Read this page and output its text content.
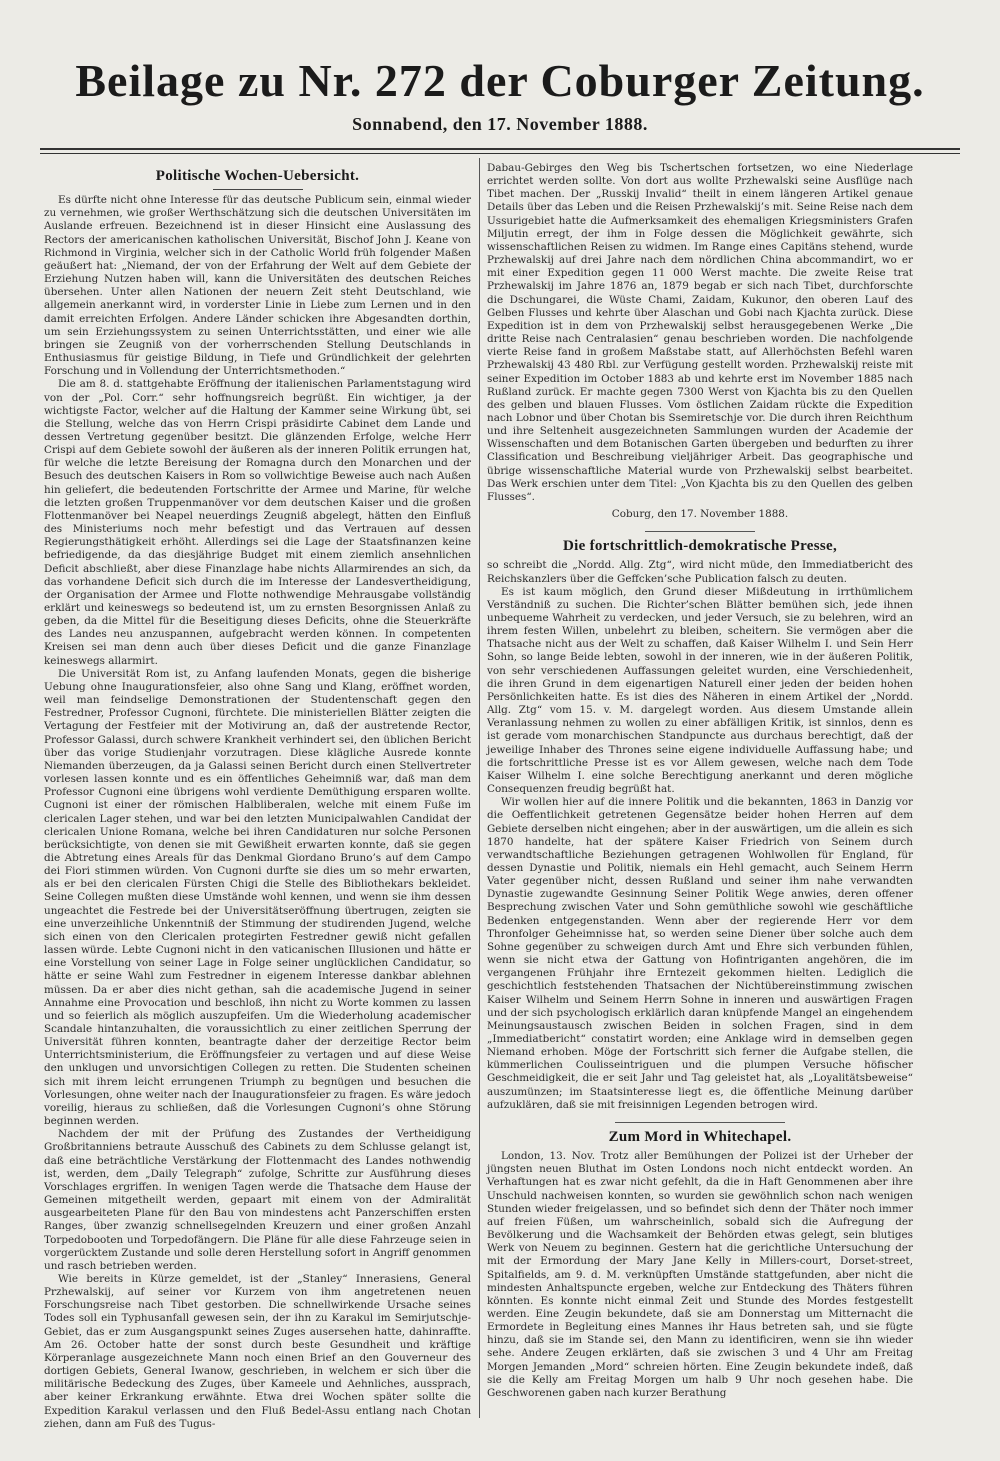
Beilage zu Nr. 272 der Coburger Zeitung.
Sonnabend, den 17. November 1888.
Politische Wochen-Uebersicht.

Es dürfte nicht ohne Interesse für das deutsche Publicum sein, einmal wieder zu vernehmen, wie großer Werthschätzung sich die deutschen Universitäten im Auslande erfreuen. Bezeichnend ist in dieser Hinsicht eine Auslassung des Rectors der americanischen katholischen Universität, Bischof John J. Keane von Richmond in Virginia, welcher sich in der Catholic World früh folgender Maßen geäußert hat: „Niemand, der von der Erfahrung der Welt auf dem Gebiete der Erziehung Nutzen haben will, kann die Universitäten des deutschen Reiches übersehen. Unter allen Nationen der neuern Zeit steht Deutschland, wie allgemein anerkannt wird, in vorderster Linie in Liebe zum Lernen und in den damit erreichten Erfolgen. Andere Länder schicken ihre Abgesandten dorthin, um sein Erziehungssystem zu seinen Unterrichtsstätten, und einer wie alle bringen sie Zeugniß von der vorherrschenden Stellung Deutschlands in Enthusiasmus für geistige Bildung, in Tiefe und Gründlichkeit der gelehrten Forschung und in Vollendung der Unterrichtsmethoden.“

Die am 8. d. stattgehabte Eröffnung der italienischen Parlamentstagung wird von der „Pol. Corr.“ sehr hoffnungsreich begrüßt. Ein wichtiger, ja der wichtigste Factor, welcher auf die Haltung der Kammer seine Wirkung übt, sei die Stellung, welche das von Herrn Crispi präsidirte Cabinet dem Lande und dessen Vertretung gegenüber besitzt. Die glänzenden Erfolge, welche Herr Crispi auf dem Gebiete sowohl der äußeren als der inneren Politik errungen hat, für welche die letzte Bereisung der Romagna durch den Monarchen und der Besuch des deutschen Kaisers in Rom so vollwichtige Beweise auch nach Außen hin geliefert, die bedeutenden Fortschritte der Armee und Marine, für welche die letzten großen Truppenmanöver vor dem deutschen Kaiser und die großen Flottenmanöver bei Neapel neuerdings Zeugniß abgelegt, hätten den Einfluß des Ministeriums noch mehr befestigt und das Vertrauen auf dessen Regierungsthätigkeit erhöht. Allerdings sei die Lage der Staatsfinanzen keine befriedigende, da das diesjährige Budget mit einem ziemlich ansehnlichen Deficit abschließt, aber diese Finanzlage habe nichts Allarmirendes an sich, da das vorhandene Deficit sich durch die im Interesse der Landesvertheidigung, der Organisation der Armee und Flotte nothwendige Mehrausgabe vollständig erklärt und keineswegs so bedeutend ist, um zu ernsten Besorgnissen Anlaß zu geben, da die Mittel für die Beseitigung dieses Deficits, ohne die Steuerkräfte des Landes neu anzuspannen, aufgebracht werden können. In competenten Kreisen sei man denn auch über dieses Deficit und die ganze Finanzlage keineswegs allarmirt.

Die Universität Rom ist, zu Anfang laufenden Monats, gegen die bisherige Uebung ohne Inaugurationsfeier, also ohne Sang und Klang, eröffnet worden, weil man feindselige Demonstrationen der Studentenschaft gegen den Festredner, Professor Cugnoni, fürchtete. Die ministeriellen Blätter zeigten die Vertagung der Festfeier mit der Motivirung an, daß der austretende Rector, Professor Galassi, durch schwere Krankheit verhindert sei, den üblichen Bericht über das vorige Studienjahr vorzutragen. Diese klägliche Ausrede konnte Niemanden überzeugen, da ja Galassi seinen Bericht durch einen Stellvertreter vorlesen lassen konnte und es ein öffentliches Geheimniß war, daß man dem Professor Cugnoni eine übrigens wohl verdiente Demüthigung ersparen wollte. Cugnoni ist einer der römischen Halbliberalen, welche mit einem Fuße im clericalen Lager stehen, und war bei den letzten Municipalwahlen Candidat der clericalen Unione Romana, welche bei ihren Candidaturen nur solche Personen berücksichtigte, von denen sie mit Gewißheit erwarten konnte, daß sie gegen die Abtretung eines Areals für das Denkmal Giordano Bruno’s auf dem Campo dei Fiori stimmen würden. Von Cugnoni durfte sie dies um so mehr erwarten, als er bei den clericalen Fürsten Chigi die Stelle des Bibliothekars bekleidet. Seine Collegen mußten diese Umstände wohl kennen, und wenn sie ihm dessen ungeachtet die Festrede bei der Universitätseröffnung übertrugen, zeigten sie eine unverzeihliche Unkenntniß der Stimmung der studirenden Jugend, welche sich einen von den Clericalen protegirten Festredner gewiß nicht gefallen lassen würde. Lebte Cugnoni nicht in den vaticanischen Illusionen und hätte er eine Vorstellung von seiner Lage in Folge seiner unglücklichen Candidatur, so hätte er seine Wahl zum Festredner in eigenem Interesse dankbar ablehnen müssen. Da er aber dies nicht gethan, sah die academische Jugend in seiner Annahme eine Provocation und beschloß, ihn nicht zu Worte kommen zu lassen und so feierlich als möglich auszupfeifen. Um die Wiederholung academischer Scandale hintanzuhalten, die voraussichtlich zu einer zeitlichen Sperrung der Universität führen konnten, beantragte daher der derzeitige Rector beim Unterrichtsministerium, die Eröffnungsfeier zu vertagen und auf diese Weise den unklugen und unvorsichtigen Collegen zu retten. Die Studenten scheinen sich mit ihrem leicht errungenen Triumph zu begnügen und besuchen die Vorlesungen, ohne weiter nach der Inaugurationsfeier zu fragen. Es wäre jedoch voreilig, hieraus zu schließen, daß die Vorlesungen Cugnoni’s ohne Störung beginnen werden.

Nachdem der mit der Prüfung des Zustandes der Vertheidigung Großbritanniens betraute Ausschuß des Cabinets zu dem Schlusse gelangt ist, daß eine beträchtliche Verstärkung der Flottenmacht des Landes nothwendig ist, werden, dem „Daily Telegraph“ zufolge, Schritte zur Ausführung dieses Vorschlages ergriffen. In wenigen Tagen werde die Thatsache dem Hause der Gemeinen mitgetheilt werden, gepaart mit einem von der Admiralität ausgearbeiteten Plane für den Bau von mindestens acht Panzerschiffen ersten Ranges, über zwanzig schnellsegelnden Kreuzern und einer großen Anzahl Torpedobooten und Torpedofängern. Die Pläne für alle diese Fahrzeuge seien in vorgerücktem Zustande und solle deren Herstellung sofort in Angriff genommen und rasch betrieben werden.

Wie bereits in Kürze gemeldet, ist der „Stanley“ Innerasiens, General Przhewalskij, auf seiner vor Kurzem von ihm angetretenen neuen Forschungsreise nach Tibet gestorben. Die schnellwirkende Ursache seines Todes soll ein Typhusanfall gewesen sein, der ihn zu Karakul im Semirjutschje-Gebiet, das er zum Ausgangspunkt seines Zuges ausersehen hatte, dahinraffte. Am 26. October hatte der sonst durch beste Gesundheit und kräftige Körperanlage ausgezeichnete Mann noch einen Brief an den Gouverneur des dortigen Gebiets, General Iwanow, geschrieben, in welchem er sich über die militärische Bedeckung des Zuges, über Kameele und Aehnliches, aussprach, aber keiner Erkrankung erwähnte. Etwa drei Wochen später sollte die Expedition Karakul verlassen und den Fluß Bedel-Assu entlang nach Chotan ziehen, dann am Fuß des Tugus-

Dabau-Gebirges den Weg bis Tschertschen fortsetzen, wo eine Niederlage errichtet werden sollte. Von dort aus wollte Przhewalski seine Ausflüge nach Tibet machen. Der „Russkij Invalid“ theilt in einem längeren Artikel genaue Details über das Leben und die Reisen Przhewalskij’s mit. Seine Reise nach dem Ussurigebiet hatte die Aufmerksamkeit des ehemaligen Kriegsministers Grafen Miljutin erregt, der ihm in Folge dessen die Möglichkeit gewährte, sich wissenschaftlichen Reisen zu widmen. Im Range eines Capitäns stehend, wurde Przhewalskij auf drei Jahre nach dem nördlichen China abcommandirt, wo er mit einer Expedition gegen 11 000 Werst machte. Die zweite Reise trat Przhewalskij im Jahre 1876 an, 1879 begab er sich nach Tibet, durchforschte die Dschungarei, die Wüste Chami, Zaidam, Kukunor, den oberen Lauf des Gelben Flusses und kehrte über Alaschan und Gobi nach Kjachta zurück. Diese Expedition ist in dem von Przhewalskij selbst herausgegebenen Werke „Die dritte Reise nach Centralasien“ genau beschrieben worden. Die nachfolgende vierte Reise fand in großem Maßstabe statt, auf Allerhöchsten Befehl waren Przhewalskij 43 480 Rbl. zur Verfügung gestellt worden. Przhewalskij reiste mit seiner Expedition im October 1883 ab und kehrte erst im November 1885 nach Rußland zurück. Er machte gegen 7300 Werst von Kjachta bis zu den Quellen des gelben und blauen Flusses. Vom östlichen Zaidam rückte die Expedition nach Lobnor und über Chotan bis Ssemiretschje vor. Die durch ihren Reichthum und ihre Seltenheit ausgezeichneten Sammlungen wurden der Academie der Wissenschaften und dem Botanischen Garten übergeben und bedurften zu ihrer Classification und Beschreibung vieljähriger Arbeit. Das geographische und übrige wissenschaftliche Material wurde von Przhewalskij selbst bearbeitet. Das Werk erschien unter dem Titel: „Von Kjachta bis zu den Quellen des gelben Flusses“.

Coburg, den 17. November 1888.

Die fortschrittlich-demokratische Presse,

so schreibt die „Nordd. Allg. Ztg“, wird nicht müde, den Immediatbericht des Reichskanzlers über die Geffcken’sche Publication falsch zu deuten.

Es ist kaum möglich, den Grund dieser Mißdeutung in irrthümlichem Verständniß zu suchen. Die Richter’schen Blätter bemühen sich, jede ihnen unbequeme Wahrheit zu verdecken, und jeder Versuch, sie zu belehren, wird an ihrem festen Willen, unbelehrt zu bleiben, scheitern. Sie vermögen aber die Thatsache nicht aus der Welt zu schaffen, daß Kaiser Wilhelm I. und Sein Herr Sohn, so lange Beide lebten, sowohl in der inneren, wie in der äußeren Politik, von sehr verschiedenen Auffassungen geleitet wurden, eine Verschiedenheit, die ihren Grund in dem eigenartigen Naturell einer jeden der beiden hohen Persönlichkeiten hatte. Es ist dies des Näheren in einem Artikel der „Nordd. Allg. Ztg“ vom 15. v. M. dargelegt worden. Aus diesem Umstande allein Veranlassung nehmen zu wollen zu einer abfälligen Kritik, ist sinnlos, denn es ist gerade vom monarchischen Standpuncte aus durchaus berechtigt, daß der jeweilige Inhaber des Thrones seine eigene individuelle Auffassung habe; und die fortschrittliche Presse ist es vor Allem gewesen, welche nach dem Tode Kaiser Wilhelm I. eine solche Berechtigung anerkannt und deren mögliche Consequenzen freudig begrüßt hat.

Wir wollen hier auf die innere Politik und die bekannten, 1863 in Danzig vor die Oeffentlichkeit getretenen Gegensätze beider hohen Herren auf dem Gebiete derselben nicht eingehen; aber in der auswärtigen, um die allein es sich 1870 handelte, hat der spätere Kaiser Friedrich von Seinem durch verwandtschaftliche Beziehungen getragenen Wohlwollen für England, für dessen Dynastie und Politik, niemals ein Hehl gemacht, auch Seinem Herrn Vater gegenüber nicht, dessen Rußland und seiner ihm nahe verwandten Dynastie zugewandte Gesinnung Seiner Politik Wege anwies, deren offener Besprechung zwischen Vater und Sohn gemüthliche sowohl wie geschäftliche Bedenken entgegenstanden. Wenn aber der regierende Herr vor dem Thronfolger Geheimnisse hat, so werden seine Diener über solche auch dem Sohne gegenüber zu schweigen durch Amt und Ehre sich verbunden fühlen, wenn sie nicht etwa der Gattung von Hofintriganten angehören, die im vergangenen Frühjahr ihre Erntezeit gekommen hielten. Lediglich die geschichtlich feststehenden Thatsachen der Nichtübereinstimmung zwischen Kaiser Wilhelm und Seinem Herrn Sohne in inneren und auswärtigen Fragen und der sich psychologisch erklärlich daran knüpfende Mangel an eingehendem Meinungsaustausch zwischen Beiden in solchen Fragen, sind in dem „Immediatbericht“ constatirt worden; eine Anklage wird in demselben gegen Niemand erhoben. Möge der Fortschritt sich ferner die Aufgabe stellen, die kümmerlichen Coulisseintriguen und die plumpen Versuche höfischer Geschmeidigkeit, die er seit Jahr und Tag geleistet hat, als „Loyalitätsbeweise“ auszumünzen; im Staatsinteresse liegt es, die öffentliche Meinung darüber aufzuklären, daß sie mit freisinnigen Legenden betrogen wird.

Zum Mord in Whitechapel.

London, 13. Nov. Trotz aller Bemühungen der Polizei ist der Urheber der jüngsten neuen Bluthat im Osten Londons noch nicht entdeckt worden. An Verhaftungen hat es zwar nicht gefehlt, da die in Haft Genommenen aber ihre Unschuld nachweisen konnten, so wurden sie gewöhnlich schon nach wenigen Stunden wieder freigelassen, und so befindet sich denn der Thäter noch immer auf freien Füßen, um wahrscheinlich, sobald sich die Aufregung der Bevölkerung und die Wachsamkeit der Behörden etwas gelegt, sein blutiges Werk von Neuem zu beginnen. Gestern hat die gerichtliche Untersuchung der mit der Ermordung der Mary Jane Kelly in Millers-court, Dorset-street, Spitalfields, am 9. d. M. verknüpften Umstände stattgefunden, aber nicht die mindesten Anhaltspuncte ergeben, welche zur Entdeckung des Thäters führen könnten. Es konnte nicht einmal Zeit und Stunde des Mordes festgestellt werden. Eine Zeugin bekundete, daß sie am Donnerstag um Mitternacht die Ermordete in Begleitung eines Mannes ihr Haus betreten sah, und sie fügte hinzu, daß sie im Stande sei, den Mann zu identificiren, wenn sie ihn wieder sehe. Andere Zeugen erklärten, daß sie zwischen 3 und 4 Uhr am Freitag Morgen Jemanden „Mord“ schreien hörten. Eine Zeugin bekundete indeß, daß sie die Kelly am Freitag Morgen um halb 9 Uhr noch gesehen habe. Die Geschworenen gaben nach kurzer Berathung
